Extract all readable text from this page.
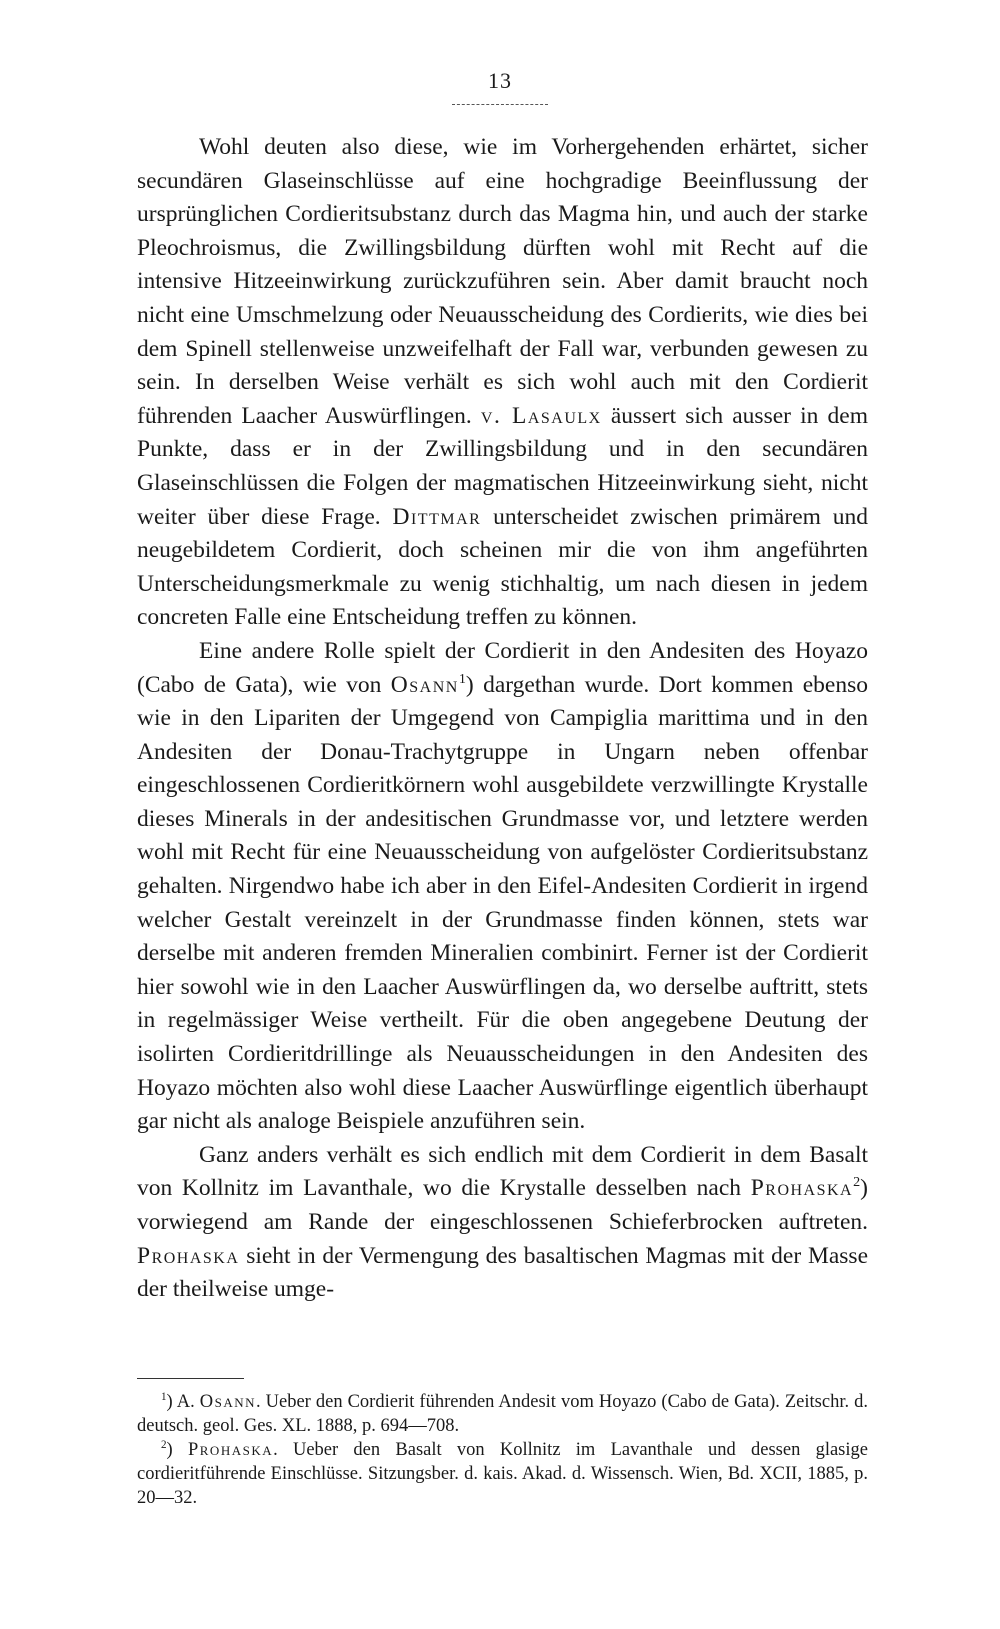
13

Wohl deuten also diese, wie im Vorhergehenden erhärtet, sicher secundären Glaseinschlüsse auf eine hochgradige Beeinflussung der ursprünglichen Cordieritsubstanz durch das Magma hin, und auch der starke Pleochroismus, die Zwillingsbildung dürften wohl mit Recht auf die intensive Hitzeeinwirkung zurückzuführen sein. Aber damit braucht noch nicht eine Umschmelzung oder Neuausscheidung des Cordierits, wie dies bei dem Spinell stellenweise unzweifelhaft der Fall war, verbunden gewesen zu sein. In derselben Weise verhält es sich wohl auch mit den Cordierit führenden Laacher Auswürflingen. v. Lasaulx äussert sich ausser in dem Punkte, dass er in der Zwillingsbildung und in den secundären Glaseinschlüssen die Folgen der magmatischen Hitzeeinwirkung sieht, nicht weiter über diese Frage. Dittmar unterscheidet zwischen primärem und neugebildetem Cordierit, doch scheinen mir die von ihm angeführten Unterscheidungsmerkmale zu wenig stichhaltig, um nach diesen in jedem concreten Falle eine Entscheidung treffen zu können.

Eine andere Rolle spielt der Cordierit in den Andesiten des Hoyazo (Cabo de Gata), wie von Osann$^1$) dargethan wurde. Dort kommen ebenso wie in den Lipariten der Umgegend von Campiglia marittima und in den Andesiten der Donau-Trachytgruppe in Ungarn neben offenbar eingeschlossenen Cordieritkörnern wohl ausgebildete verzwillingte Krystalle dieses Minerals in der andesitischen Grundmasse vor, und letztere werden wohl mit Recht für eine Neuausscheidung von aufgelöster Cordieritsubstanz gehalten. Nirgendwo habe ich aber in den Eifel-Andesiten Cordierit in irgend welcher Gestalt vereinzelt in der Grundmasse finden können, stets war derselbe mit anderen fremden Mineralien combinirt. Ferner ist der Cordierit hier sowohl wie in den Laacher Auswürflingen da, wo derselbe auftritt, stets in regelmässiger Weise vertheilt. Für die oben angegebene Deutung der isolirten Cordieritdrillinge als Neuausscheidungen in den Andesiten des Hoyazo möchten also wohl diese Laacher Auswürflinge eigentlich überhaupt gar nicht als analoge Beispiele anzuführen sein.

Ganz anders verhält es sich endlich mit dem Cordierit in dem Basalt von Kollnitz im Lavanthale, wo die Krystalle desselben nach Prohaska$^2$) vorwiegend am Rande der eingeschlossenen Schieferbrocken auftreten. Prohaska sieht in der Vermengung des basaltischen Magmas mit der Masse der theilweise umge-

$^1$) A. Osann. Ueber den Cordierit führenden Andesit vom Hoyazo (Cabo de Gata). Zeitschr. d. deutsch. geol. Ges. XL. 1888, p. 694—708.

$^2$) Prohaska. Ueber den Basalt von Kollnitz im Lavanthale und dessen glasige cordieritführende Einschlüsse. Sitzungsber. d. kais. Akad. d. Wissensch. Wien, Bd. XCII, 1885, p. 20—32.
